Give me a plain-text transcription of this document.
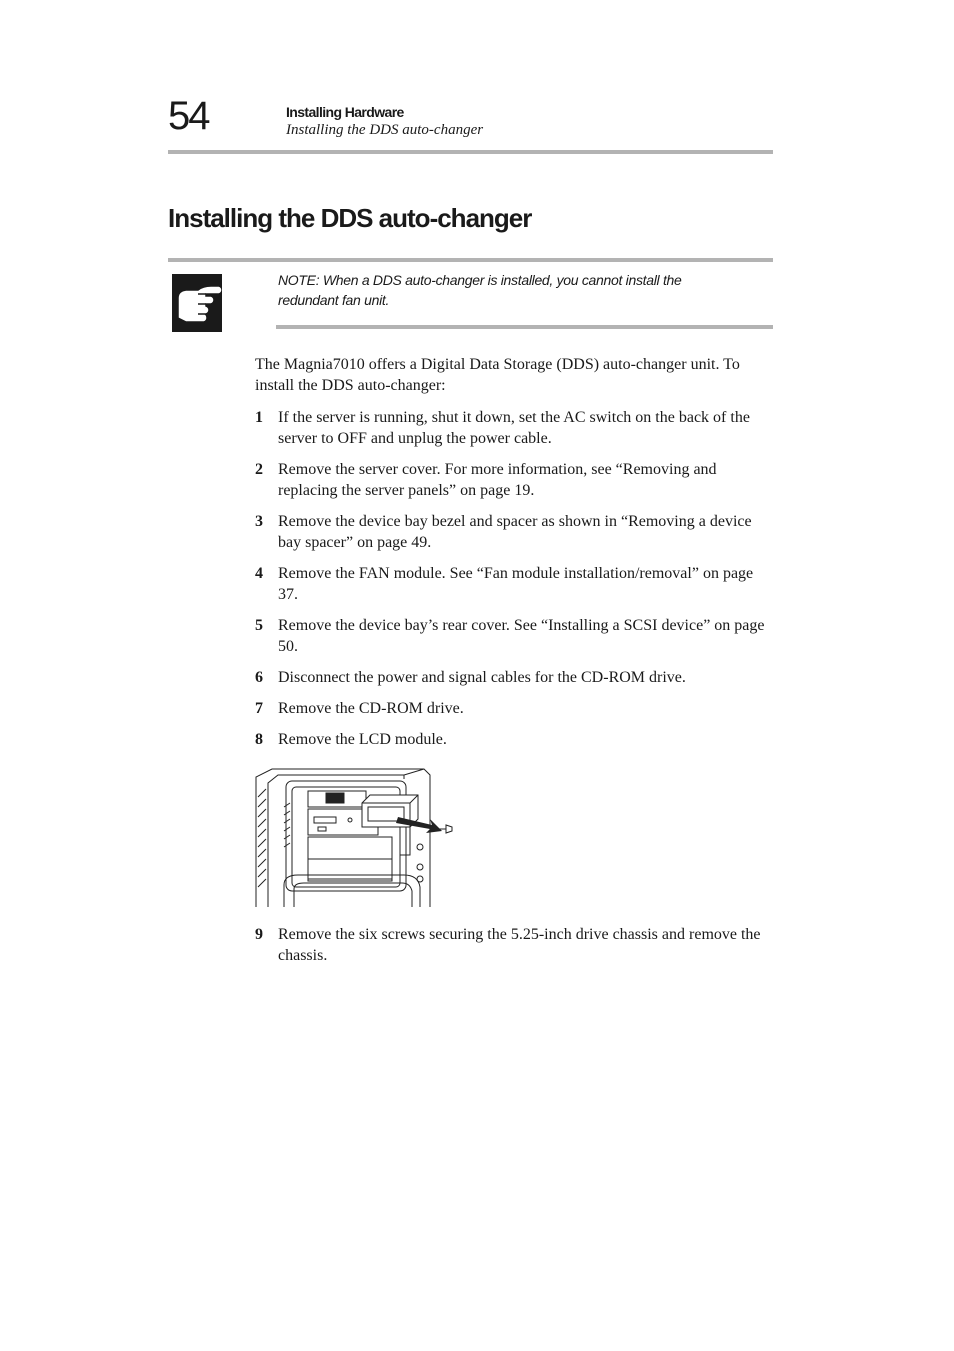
54	Installing Hardware
Installing the DDS auto-changer
Installing the DDS auto-changer
NOTE: When a DDS auto-changer is installed, you cannot install the redundant fan unit.

The Magnia7010 offers a Digital Data Storage (DDS) auto-changer unit. To install the DDS auto-changer:

1 If the server is running, shut it down, set the AC switch on the back of the server to OFF and unplug the power cable.
2 Remove the server cover. For more information, see “Removing and replacing the server panels” on page 19.
3 Remove the device bay bezel and spacer as shown in “Removing a device bay spacer” on page 49.
4 Remove the FAN module. See “Fan module installation/removal” on page 37.
5 Remove the device bay’s rear cover. See “Installing a SCSI device” on page 50.
6 Disconnect the power and signal cables for the CD-ROM drive.
7 Remove the CD-ROM drive.
8 Remove the LCD module.
9 Remove the six screws securing the 5.25-inch drive chassis and remove the chassis.
